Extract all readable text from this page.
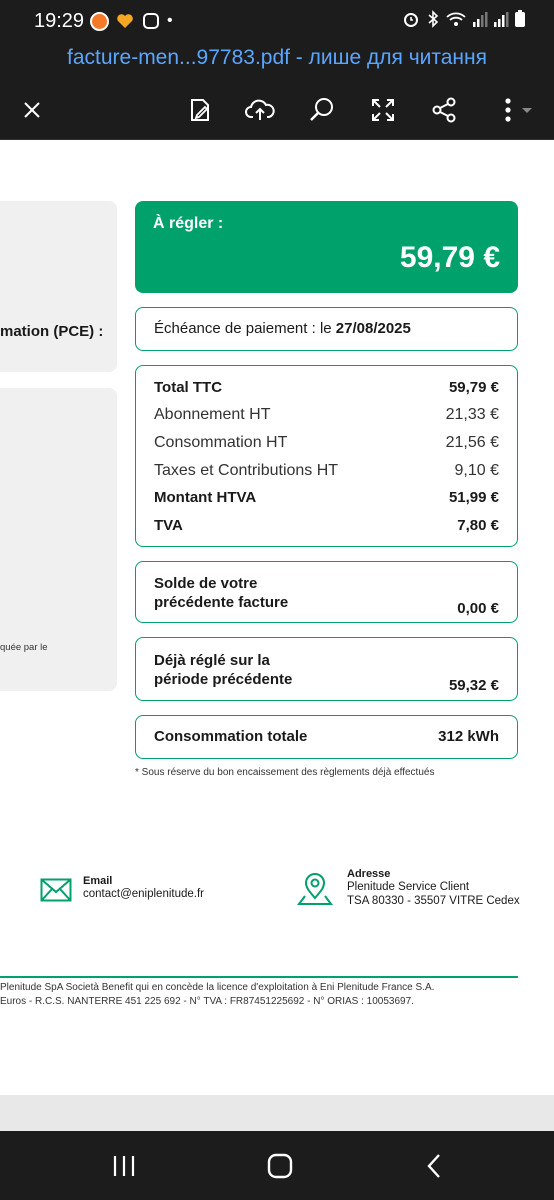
19:29	•
facture-men...97783.pdf - лише для читання
mation (PCE) :
quée par le
À régler :
59,79 €
Échéance de paiement : le 27/08/2025
Total TTC	59,79 €
Abonnement HT	21,33 €
Consommation HT	21,56 €
Taxes et Contributions HT	9,10 €
Montant HTVA	51,99 €
TVA	7,80 €
Solde de votre
précédente facture	0,00 €
Déjà réglé sur la
période précédente	59,32 €
Consommation totale	312 kWh
* Sous réserve du bon encaissement des règlements déjà effectués
Email
contact@eniplenitude.fr
Adresse
Plenitude Service Client
TSA 80330 - 35507 VITRE Cedex
Plenitude SpA Società Benefit qui en concède la licence d'exploitation à Eni Plenitude France S.A.
Euros - R.C.S. NANTERRE 451 225 692 - N° TVA : FR87451225692 - N° ORIAS : 10053697.
